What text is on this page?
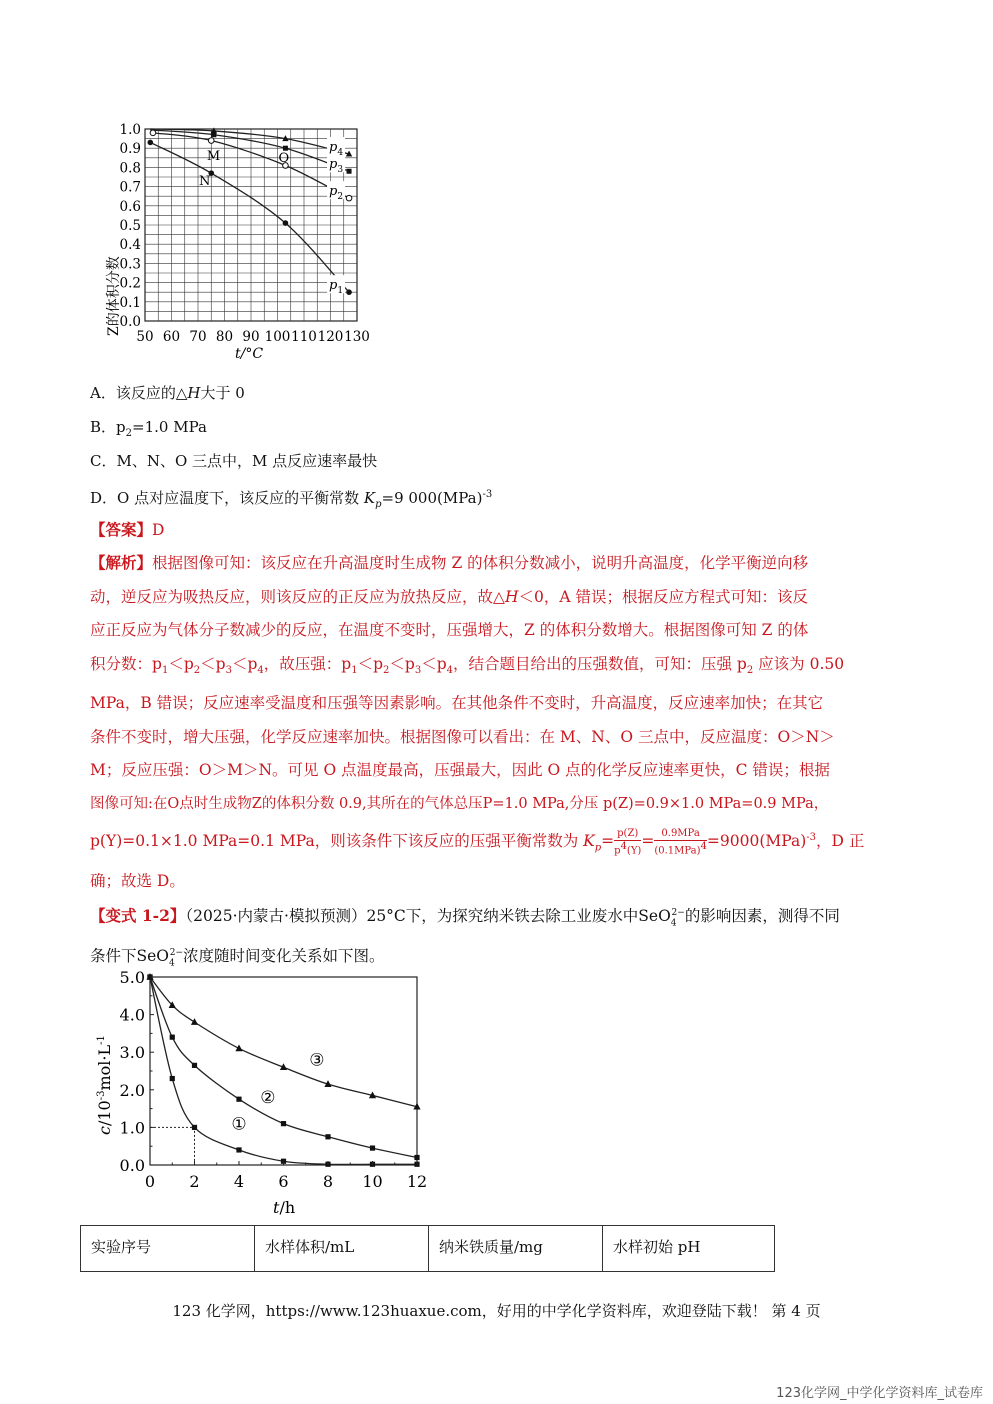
$p_1$
$p_2$
$p_3$
$p_4$
M
N
O
50 60 70 80 90 100 110 120 130
0.0
0.1
0.2
0.3
0.4
0.5
0.6
0.7
0.8
0.9
1.0
Z的体积分数
t/°C
A．该反应的△H大于 0
B．$p_2=1.0$ MPa
C．M、N、O 三点中，M 点反应速率最快
D．O 点对应温度下，该反应的平衡常数 $K_p=9$ 000(MPa)$^{-3}$
【答案】D
【解析】根据图像可知：该反应在升高温度时生成物 Z 的体积分数减小，说明升高温度，化学平衡逆向移
动，逆反应为吸热反应，则该反应的正反应为放热反应，故△H＜0，A 错误；根据反应方程式可知：该反
应正反应为气体分子数减少的反应，在温度不变时，压强增大，Z 的体积分数增大。根据图像可知 Z 的体
积分数：$p_1<p_2<p_3<p_4$，故压强：$p_1<p_2<p_3<p_4$，结合题目给出的压强数值，可知：压强 $p_2$ 应该为 0.50
MPa，B 错误；反应速率受温度和压强等因素影响。在其他条件不变时，升高温度，反应速率加快；在其它
条件不变时，增大压强，化学反应速率加快。根据图像可以看出：在 M、N、O 三点中，反应温度：O＞N＞
M；反应压强：O＞M＞N。可见 O 点温度最高，压强最大，因此 O 点的化学反应速率更快，C 错误；根据
图像可知:在O点时生成物Z的体积分数 0.9,其所在的气体总压P=1.0 MPa,分压 p(Z)=0.9×1.0 MPa=0.9 MPa，
p(Y)=0.1×1.0 MPa=0.1 MPa，则该条件下该反应的压强平衡常数为 $K_p= \frac{p(Z)}{p^4(Y)} = 0.9MPa$
$(0.1MPa)^4 =9000(MPa)^{-3}$，D 正
确；故选 D。
【变式 1-2】（2025·内蒙古·模拟预测）25°C下，为探究纳米铁去除工业废水中SeO$_4^{2-}$的影响因素，测得不同
条件下SeO$_4^{2-}$浓度随时间变化关系如下图。
①
②
③
0 2 4 6 8 10 12
0.0
1.0
2.0
3.0
4.0
5.0
$c/10^{-3}mol\cdot L^{-1}$
t/h
实验序号	水样体积/mL	纳米铁质量/mg	水样初始 pH
123 化学网，https://www.123huaxue.com，好用的中学化学资料库，欢迎登陆下载！ 第 4 页
123化学网_中学化学资料库_试卷库
